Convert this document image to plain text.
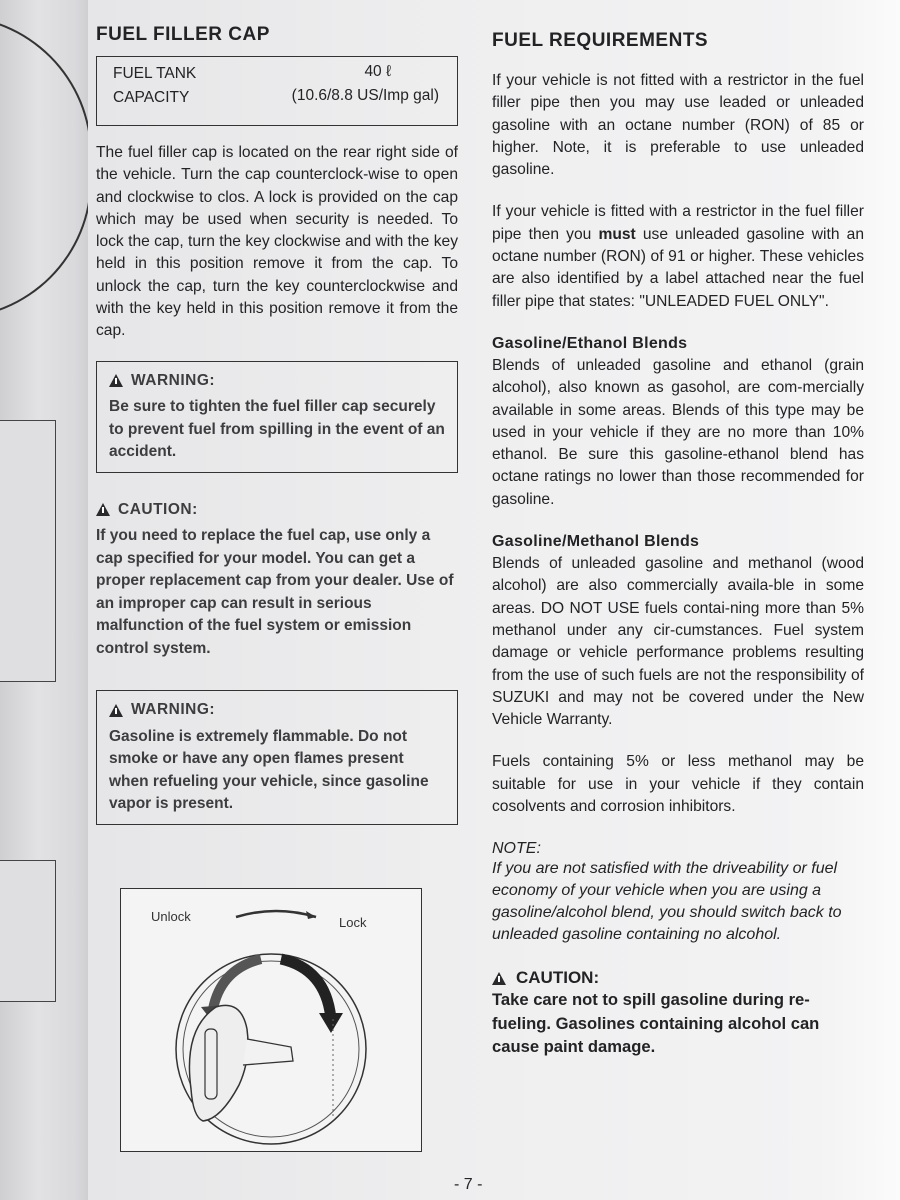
FUEL FILLER CAP
FUEL TANK
CAPACITY
40 ℓ
(10.6/8.8 US/Imp gal)

The fuel filler cap is located on the rear right side of the vehicle. Turn the cap counterclock-wise to open and clockwise to clos. A lock is provided on the cap which may be used when security is needed. To lock the cap, turn the key clockwise and with the key held in this position remove it from the cap. To unlock the cap, turn the key counterclockwise and with the key held in this position remove it from the cap.

WARNING:
Be sure to tighten the fuel filler cap securely to prevent fuel from spilling in the event of an accident.
CAUTION:
If you need to replace the fuel cap, use only a cap specified for your model. You can get a proper replacement cap from your dealer. Use of an improper cap can result in serious malfunction of the fuel system or emission control system.
WARNING:
Gasoline is extremely flammable. Do not smoke or have any open flames present when refueling your vehicle, since gasoline vapor is present.
Unlock	Lock
FUEL REQUIREMENTS

If your vehicle is not fitted with a restrictor in the fuel filler pipe then you may use leaded or unleaded gasoline with an octane number (RON) of 85 or higher. Note, it is preferable to use unleaded gasoline.

If your vehicle is fitted with a restrictor in the fuel filler pipe then you must use unleaded gasoline with an octane number (RON) of 91 or higher. These vehicles are also identified by a label attached near the fuel filler pipe that states: "UNLEADED FUEL ONLY".

Gasoline/Ethanol Blends

Blends of unleaded gasoline and ethanol (grain alcohol), also known as gasohol, are com-mercially available in some areas. Blends of this type may be used in your vehicle if they are no more than 10% ethanol. Be sure this gasoline-ethanol blend has octane ratings no lower than those recommended for gasoline.

Gasoline/Methanol Blends

Blends of unleaded gasoline and methanol (wood alcohol) are also commercially availa-ble in some areas. DO NOT USE fuels contai-ning more than 5% methanol under any cir-cumstances. Fuel system damage or vehicle performance problems resulting from the use of such fuels are not the responsibility of SUZUKI and may not be covered under the New Vehicle Warranty.

Fuels containing 5% or less methanol may be suitable for use in your vehicle if they contain cosolvents and corrosion inhibitors.

NOTE:
If you are not satisfied with the driveability or fuel economy of your vehicle when you are using a gasoline/alcohol blend, you should switch back to unleaded gasoline containing no alcohol.
CAUTION:
Take care not to spill gasoline during re-fueling. Gasolines containing alcohol can cause paint damage.
- 7 -
